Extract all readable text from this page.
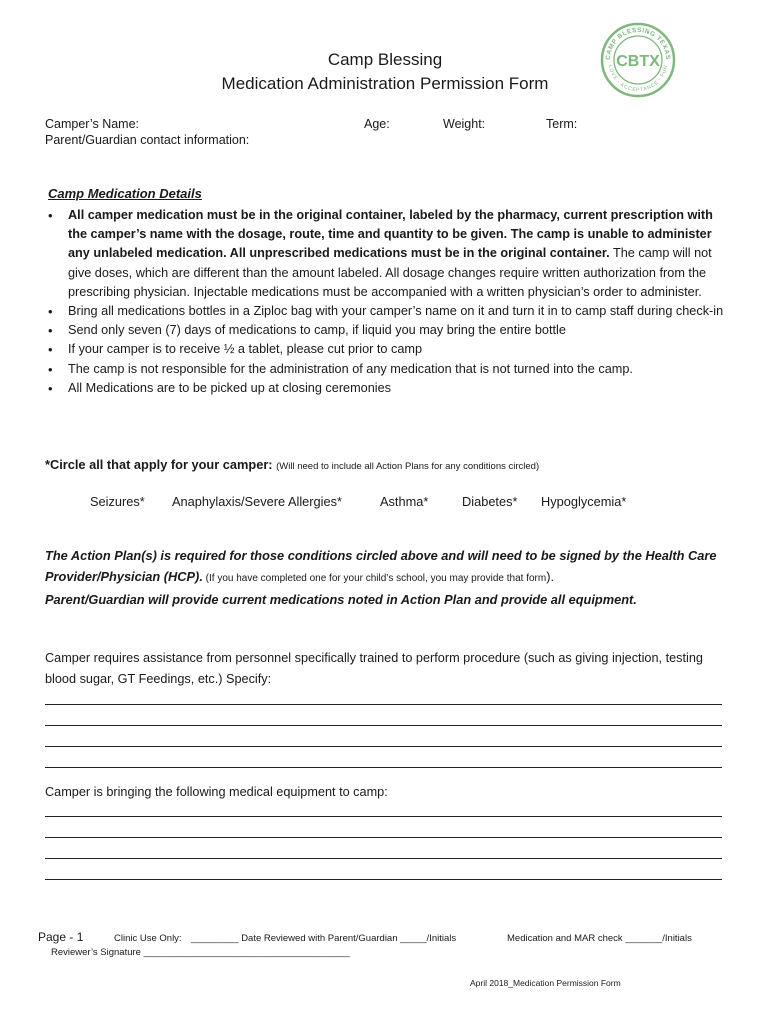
Camp Blessing
Medication Administration Permission Form
CAMP BLESSING TEXAS
LOVE · ACCEPTANCE · FUN
CBTX
Camper’s Name:	Age:	Weight:	Term:
Parent/Guardian contact information:
Camp Medication Details
• All camper medication must be in the original container, labeled by the pharmacy, current prescription with the camper’s name with the dosage, route, time and quantity to be given. The camp is unable to administer any unlabeled medication. All unprescribed medications must be in the original container. The camp will not give doses, which are different than the amount labeled. All dosage changes require written authorization from the prescribing physician. Injectable medications must be accompanied with a written physician’s order to administer.
• Bring all medications bottles in a Ziploc bag with your camper’s name on it and turn it in to camp staff during check-in
• Send only seven (7) days of medications to camp, if liquid you may bring the entire bottle
• If your camper is to receive ½ a tablet, please cut prior to camp
• The camp is not responsible for the administration of any medication that is not turned into the camp.
• All Medications are to be picked up at closing ceremonies
*Circle all that apply for your camper: (Will need to include all Action Plans for any conditions circled)
Seizures* Anaphylaxis/Severe Allergies*	Asthma*	Diabetes* Hypoglycemia*
The Action Plan(s) is required for those conditions circled above and will need to be signed by the Health Care Provider/Physician (HCP). (If you have completed one for your child’s school, you may provide that form).
Parent/Guardian will provide current medications noted in Action Plan and provide all equipment.
Camper requires assistance from personnel specifically trained to perform procedure (such as giving injection, testing blood sugar, GT Feedings, etc.) Specify:
Camper is bringing the following medical equipment to camp:
Page - 1	Clinic Use Only: _________ Date Reviewed with Parent/Guardian _____/Initials	Medication and MAR check _______/Initials
Reviewer’s Signature _______________________________________
April 2018_Medication Permission Form
